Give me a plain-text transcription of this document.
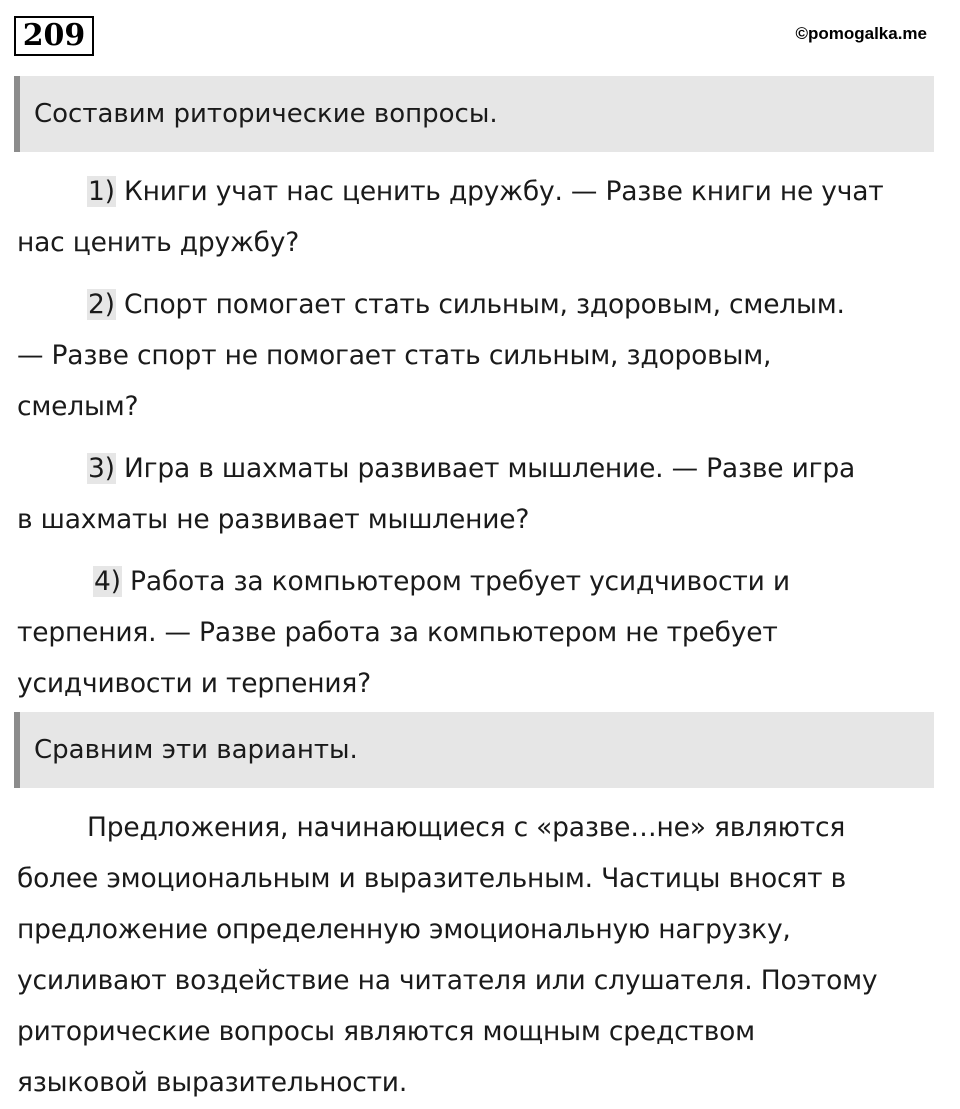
209	©pomogalka.me
Составим риторические вопросы.
1) Книги учат нас ценить дружбу. — Разве книги не учат
нас ценить дружбу?
2) Спорт помогает стать сильным, здоровым, смелым.
— Разве спорт не помогает стать сильным, здоровым,
смелым?
3) Игра в шахматы развивает мышление. — Разве игра
в шахматы не развивает мышление?
4) Работа за компьютером требует усидчивости и
терпения. — Разве работа за компьютером не требует
усидчивости и терпения?
Сравним эти варианты.
Предложения, начинающиеся с «разве…не» являются
более эмоциональным и выразительным. Частицы вносят в
предложение определенную эмоциональную нагрузку,
усиливают воздействие на читателя или слушателя. Поэтому
риторические вопросы являются мощным средством
языковой выразительности.
